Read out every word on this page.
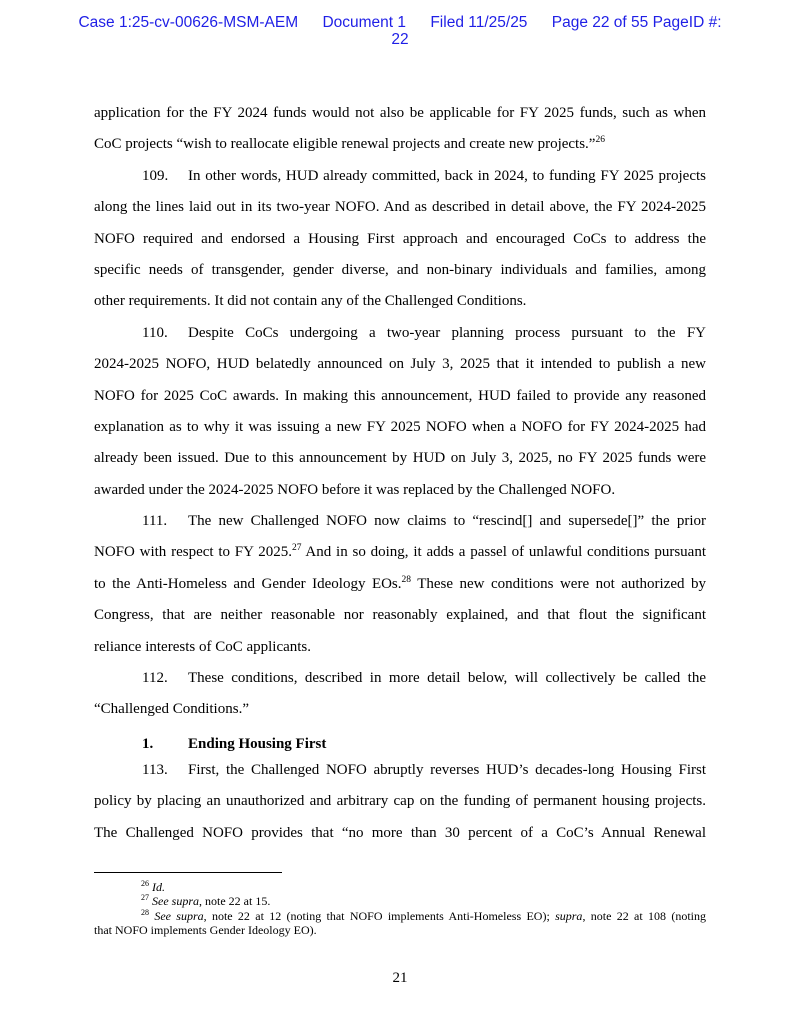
Case 1:25-cv-00626-MSM-AEM Document 1 Filed 11/25/25 Page 22 of 55 PageID #:
22
application for the FY 2024 funds would not also be applicable for FY 2025 funds, such as when
CoC projects “wish to reallocate eligible renewal projects and create new projects.”$^{26}$
109. In other words, HUD already committed, back in 2024, to funding FY 2025 projects
along the lines laid out in its two-year NOFO. And as described in detail above, the FY 2024-2025
NOFO required and endorsed a Housing First approach and encouraged CoCs to address the
specific needs of transgender, gender diverse, and non-binary individuals and families, among
other requirements. It did not contain any of the Challenged Conditions.
110. Despite CoCs undergoing a two-year planning process pursuant to the FY
2024-2025 NOFO, HUD belatedly announced on July 3, 2025 that it intended to publish a new
NOFO for 2025 CoC awards. In making this announcement, HUD failed to provide any reasoned
explanation as to why it was issuing a new FY 2025 NOFO when a NOFO for FY 2024-2025 had
already been issued. Due to this announcement by HUD on July 3, 2025, no FY 2025 funds were
awarded under the 2024-2025 NOFO before it was replaced by the Challenged NOFO.
111. The new Challenged NOFO now claims to “rescind[] and supersede[]” the prior
NOFO with respect to FY 2025.27 And in so doing, it adds a passel of unlawful conditions pursuant
to the Anti-Homeless and Gender Ideology EOs.$^{28}$ These new conditions were not authorized by
Congress, that are neither reasonable nor reasonably explained, and that flout the significant
reliance interests of CoC applicants.
112. These conditions, described in more detail below, will collectively be called the
“Challenged Conditions.”
1. Ending Housing First
113. First, the Challenged NOFO abruptly reverses HUD’s decades-long Housing First
policy by placing an unauthorized and arbitrary cap on the funding of permanent housing projects.
The Challenged NOFO provides that “no more than 30 percent of a CoC’s Annual Renewal
$^{26}$ Id.
$^{27}$ See supra, note 22 at 15.
$^{28}$ See supra, note 22 at 12 (noting that NOFO implements Anti-Homeless EO); supra, note 22 at 108 (noting
that NOFO implements Gender Ideology EO).
21
